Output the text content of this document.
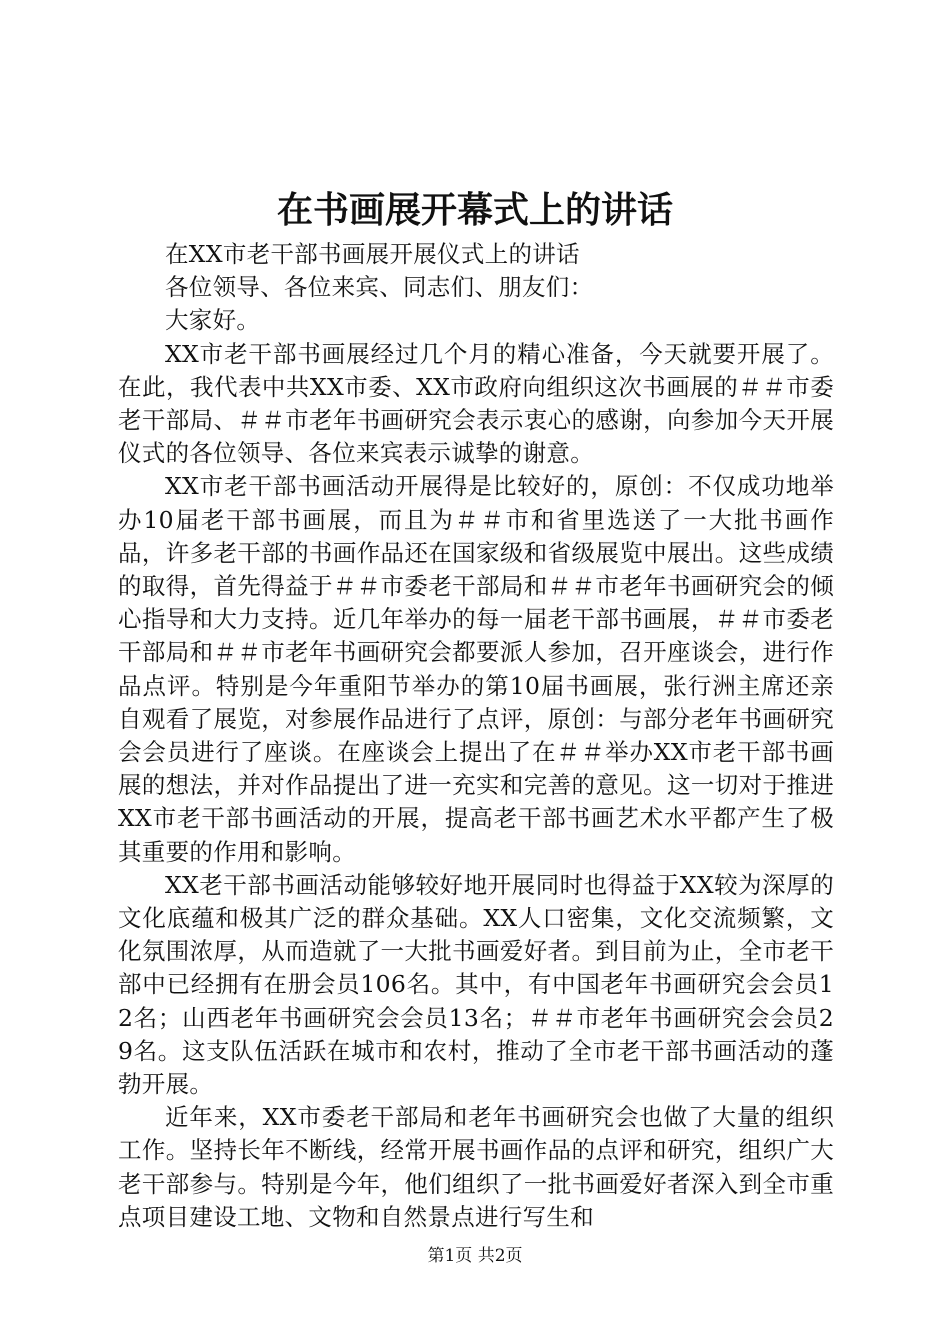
在书画展开幕式上的讲话

在XX市老干部书画展开展仪式上的讲话

各位领导、各位来宾、同志们、朋友们：

大家好。

XX市老干部书画展经过几个月的精心准备，今天就要开展了。在此，我代表中共XX市委、XX市政府向组织这次书画展的＃＃市委老干部局、＃＃市老年书画研究会表示衷心的感谢，向参加今天开展仪式的各位领导、各位来宾表示诚挚的谢意。

XX市老干部书画活动开展得是比较好的，原创：不仅成功地举办10届老干部书画展，而且为＃＃市和省里选送了一大批书画作品，许多老干部的书画作品还在国家级和省级展览中展出。这些成绩的取得，首先得益于＃＃市委老干部局和＃＃市老年书画研究会的倾心指导和大力支持。近几年举办的每一届老干部书画展，＃＃市委老干部局和＃＃市老年书画研究会都要派人参加，召开座谈会，进行作品点评。特别是今年重阳节举办的第10届书画展，张行洲主席还亲自观看了展览，对参展作品进行了点评，原创：与部分老年书画研究会会员进行了座谈。在座谈会上提出了在＃＃举办XX市老干部书画展的想法，并对作品提出了进一充实和完善的意见。这一切对于推进XX市老干部书画活动的开展，提高老干部书画艺术水平都产生了极其重要的作用和影响。

XX老干部书画活动能够较好地开展同时也得益于XX较为深厚的文化底蕴和极其广泛的群众基础。XX人口密集，文化交流频繁，文化氛围浓厚，从而造就了一大批书画爱好者。到目前为止，全市老干部中已经拥有在册会员106名。其中，有中国老年书画研究会会员12名；山西老年书画研究会会员13名；＃＃市老年书画研究会会员29名。这支队伍活跃在城市和农村，推动了全市老干部书画活动的蓬勃开展。

近年来，XX市委老干部局和老年书画研究会也做了大量的组织工作。坚持长年不断线，经常开展书画作品的点评和研究，组织广大老干部参与。特别是今年，他们组织了一批书画爱好者深入到全市重点项目建设工地、文物和自然景点进行写生和

第1页 共2页
